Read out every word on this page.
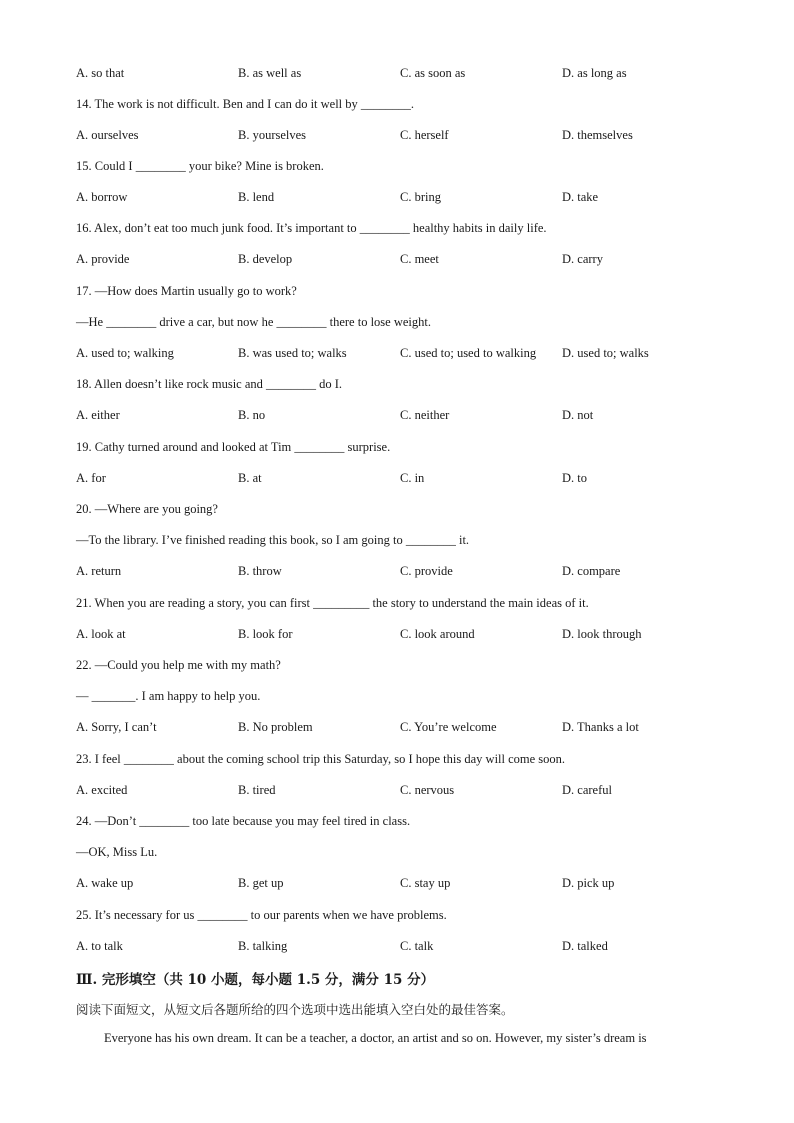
A. so that	B. as well as	C. as soon as	D. as long as
14. The work is not difficult. Ben and I can do it well by ________.
A. ourselves	B. yourselves	C. herself	D. themselves
15. Could I ________ your bike? Mine is broken.
A. borrow	B. lend	C. bring	D. take
16. Alex, don’t eat too much junk food. It’s important to ________ healthy habits in daily life.
A. provide	B. develop	C. meet	D. carry
17. —How does Martin usually go to work?
—He ________ drive a car, but now he ________ there to lose weight.
A. used to; walking	B. was used to; walks	C. used to; used to walking D. used to; walks
18. Allen doesn’t like rock music and ________ do I.
A. either	B. no	C. neither	D. not
19. Cathy turned around and looked at Tim ________ surprise.
A. for	B. at	C. in	D. to
20. —Where are you going?
—To the library. I’ve finished reading this book, so I am going to ________ it.
A. return	B. throw	C. provide	D. compare
21. When you are reading a story, you can first _________ the story to understand the main ideas of it.
A. look at	B. look for	C. look around	D. look through
22. —Could you help me with my math?
— _______. I am happy to help you.
A. Sorry, I can’t	B. No problem	C. You’re welcome	D. Thanks a lot
23. I feel ________ about the coming school trip this Saturday, so I hope this day will come soon.
A. excited	B. tired	C. nervous	D. careful
24. —Don’t ________ too late because you may feel tired in class.
—OK, Miss Lu.
A. wake up	B. get up	C. stay up	D. pick up
25. It’s necessary for us ________ to our parents when we have problems.
A. to talk	B. talking	C. talk	D. talked
Ⅲ. 完形填空（共 10 小题，每小题 1.5 分，满分 15 分）
阅读下面短文，从短文后各题所给的四个选项中选出能填入空白处的最佳答案。
Everyone has his own dream. It can be a teacher, a doctor, an artist and so on. However, my sister’s dream is
